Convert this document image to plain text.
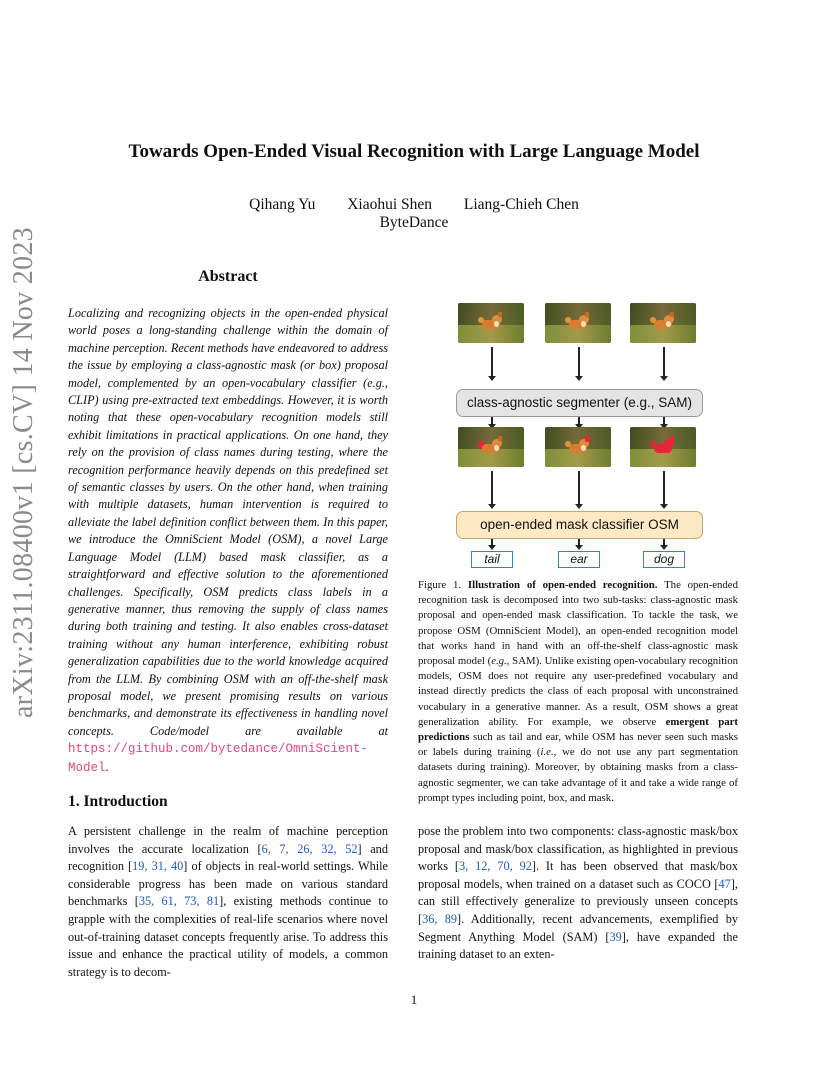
Towards Open-Ended Visual Recognition with Large Language Model
Qihang Yu Xiaohui Shen Liang-Chieh Chen
ByteDance
arXiv:2311.08400v1 [cs.CV] 14 Nov 2023	Abstract
Localizing and recognizing objects in the open-ended physical world poses a long-standing challenge within the domain of machine perception. Recent methods have endeavored to address the issue by employing a class-agnostic mask (or box) proposal model, complemented by an open-vocabulary classifier (e.g., CLIP) using pre-extracted text embeddings. However, it is worth noting that these open-vocabulary recognition models still exhibit limitations in practical applications. On one hand, they rely on the provision of class names during testing, where the recognition performance heavily depends on this predefined set of semantic classes by users. On the other hand, when training with multiple datasets, human intervention is required to alleviate the label definition conflict between them. In this paper, we introduce the OmniScient Model (OSM), a novel Large Language Model (LLM) based mask classifier, as a straightforward and effective solution to the aforementioned challenges. Specifically, OSM predicts class labels in a generative manner, thus removing the supply of class names during both training and testing. It also enables cross-dataset training without any human interference, exhibiting robust generalization capabilities due to the world knowledge acquired from the LLM. By combining OSM with an off-the-shelf mask proposal model, we present promising results on various benchmarks, and demonstrate its effectiveness in handling novel concepts. Code/model are available at https://github.com/bytedance/OmniScient-Model.
class-agnostic segmenter (e.g., SAM)
open-ended mask classifier OSM
tail	ear	dog
Figure 1. Illustration of open-ended recognition. The open-ended recognition task is decomposed into two sub-tasks: class-agnostic mask proposal and open-ended mask classification. To tackle the task, we propose OSM (OmniScient Model), an open-ended recognition model that works hand in hand with an off-the-shelf class-agnostic mask proposal model (e.g., SAM). Unlike existing open-vocabulary recognition models, OSM does not require any user-predefined vocabulary and instead directly predicts the class of each proposal with unconstrained vocabulary in a generative manner. As a result, OSM shows a great generalization ability. For example, we observe emergent part predictions such as tail and ear, while OSM has never seen such masks or labels during training (i.e., we do not use any part segmentation datasets during training). Moreover, by obtaining masks from a class-agnostic segmenter, we can take advantage of it and take a wide range of prompt types including point, box, and mask.
1. Introduction
A persistent challenge in the realm of machine perception involves the accurate localization [6, 7, 26, 32, 52] and recognition [19, 31, 40] of objects in real-world settings. While considerable progress has been made on various standard benchmarks [35, 61, 73, 81], existing methods continue to grapple with the complexities of real-life scenarios where novel out-of-training dataset concepts frequently arise. To address this issue and enhance the practical utility of models, a common strategy is to decom-
pose the problem into two components: class-agnostic mask/box proposal and mask/box classification, as highlighted in previous works [3, 12, 70, 92]. It has been observed that mask/box proposal models, when trained on a dataset such as COCO [47], can still effectively generalize to previously unseen concepts [36, 89]. Additionally, recent advancements, exemplified by Segment Anything Model (SAM) [39], have expanded the training dataset to an exten-
1
